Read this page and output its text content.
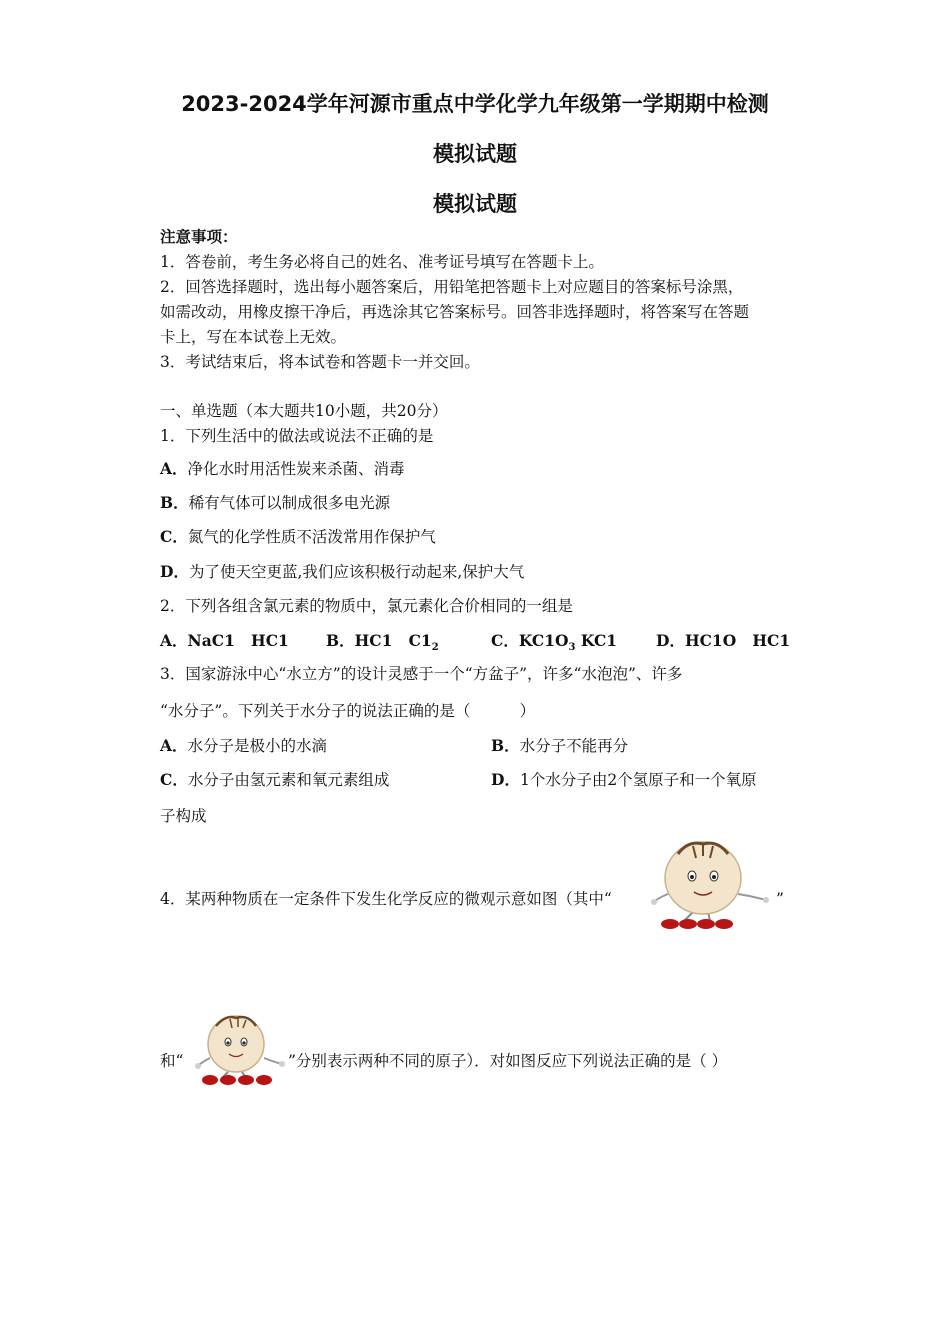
2023-2024学年河源市重点中学化学九年级第一学期期中检测
模拟试题
模拟试题
注意事项：
1．答卷前，考生务必将自己的姓名、准考证号填写在答题卡上。
2．回答选择题时，选出每小题答案后，用铅笔把答题卡上对应题目的答案标号涂黑，
如需改动，用橡皮擦干净后，再选涂其它答案标号。回答非选择题时，将答案写在答题
卡上，写在本试卷上无效。
3．考试结束后，将本试卷和答题卡一并交回。
一、单选题（本大题共10小题，共20分）
1．下列生活中的做法或说法不正确的是
A．净化水时用活性炭来杀菌、消毒
B．稀有气体可以制成很多电光源
C．氮气的化学性质不活泼常用作保护气
D．为了使天空更蓝,我们应该积极行动起来,保护大气
2．下列各组含氯元素的物质中，氯元素化合价相同的一组是
A．NaC1   HC1 B．HC1   $C1_2$	C．$KC1O_3$ KC1	D．HC1O   HC1
3．国家游泳中心“水立方”的设计灵感于一个“方盆子”，许多“水泡泡”、许多
“水分子”。下列关于水分子的说法正确的是（          ）
A．水分子是极小的水滴	B．水分子不能再分
C．水分子由氢元素和氧元素组成	D．1个水分子由2个氢原子和一个氧原
子构成
4．某两种物质在一定条件下发生化学反应的微观示意如图（其中“	”
和“	”分别表示两种不同的原子）．对如图反应下列说法正确的是（ ）
